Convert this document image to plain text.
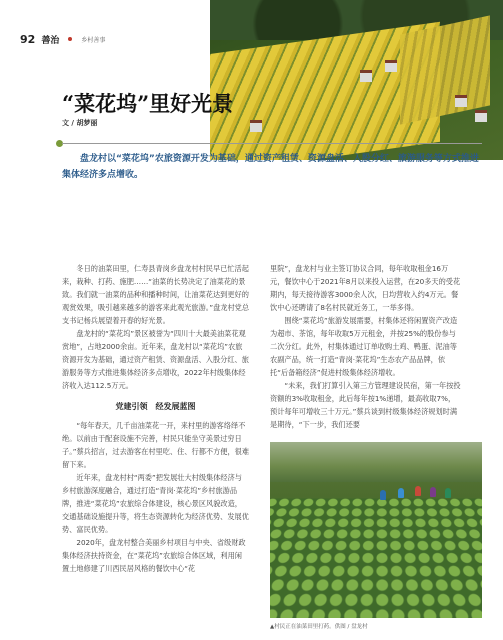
92 善治	乡村善事
“菜花坞”里好光景
文 / 胡梦丽
盘龙村以“菜花坞”农旅资源开发为基础，通过资产租赁、资源盘活、入股分红、旅游服务等方式推进集体经济多点增收。

冬日的油菜田里，仁寿县青岗乡盘龙村村民早已忙活起来，栽种、打药、施肥……“油菜的长势决定了油菜花的景致。我们就一油菜的品种和播种时间，让油菜花达到更好的观赏效果，吸引越来越多的游客来此观光旅游。”盘龙村党总支书记杨兵展望着开春的好光景。

盘龙村的“菜花坞”景区被誉为“四川十大最美油菜花观赏地”，占地2000余亩。近年来，盘龙村以“菜花坞”农旅资源开发为基础，通过资产租赁、资源盘活、入股分红、旅游服务等方式推进集体经济多点增收，2022年村级集体经济收入达112.5万元。

党建引领　经发展蓝图

“每年春天，几千亩油菜花一开，来村里的游客络绎不绝。以前由于配套设施不完善，村民只能坐守美景过穷日子。”蔡兵招言，过去游客在村里吃、住、行都不方便，很难留下来。

近年来，盘龙村村“两委”把发展壮大村级集体经济与乡村旅游深度融合，通过打造“青岗·菜花坞”乡村旅游品牌，推进“菜花坞”农旅综合体建设，核心景区风貌改造，交通基础设施提升等，将生态资源转化为经济优势、发展优势、富民优势。

2020年，盘龙村整合美丽乡村项目与中央、省级财政集体经济扶持资金，在“菜花坞”农旅综合体区域，利用闲置土地修建了川西民居风格的餐饮中心“花

里院”，盘龙村与业主签订协议合同，每年收取租金16万元，餐饮中心于2021年8月以来投入运营，在20多天的受花期内，每天接待游客3000余人次，日均营收入约4万元。餐饮中心还聘请了8名村民就近务工，一举多得。

围绕“菜花坞”旅游发展需要，村集体还将闲置资产改造为超市、茶馆，每年收取5万元租金，并按25%的股份参与二次分红。此外，村集体通过订单收购土鸡、鸭蛋、泥油等农副产品，统一打造“青岗·菜花坞”生态农产品品牌，依托“后备箱经济”促进村级集体经济增收。

“未来，我们打算引入第三方管理建设民宿，第一年按投资额的3%收取租金，此后每年按1%递增，最高收取7%，预计每年可增收三十万元。”蔡兵谈到村级集体经济规划时满是期待，“下一步，我们还要

▲村民正在油菜田里打药。供图 / 盘龙村
